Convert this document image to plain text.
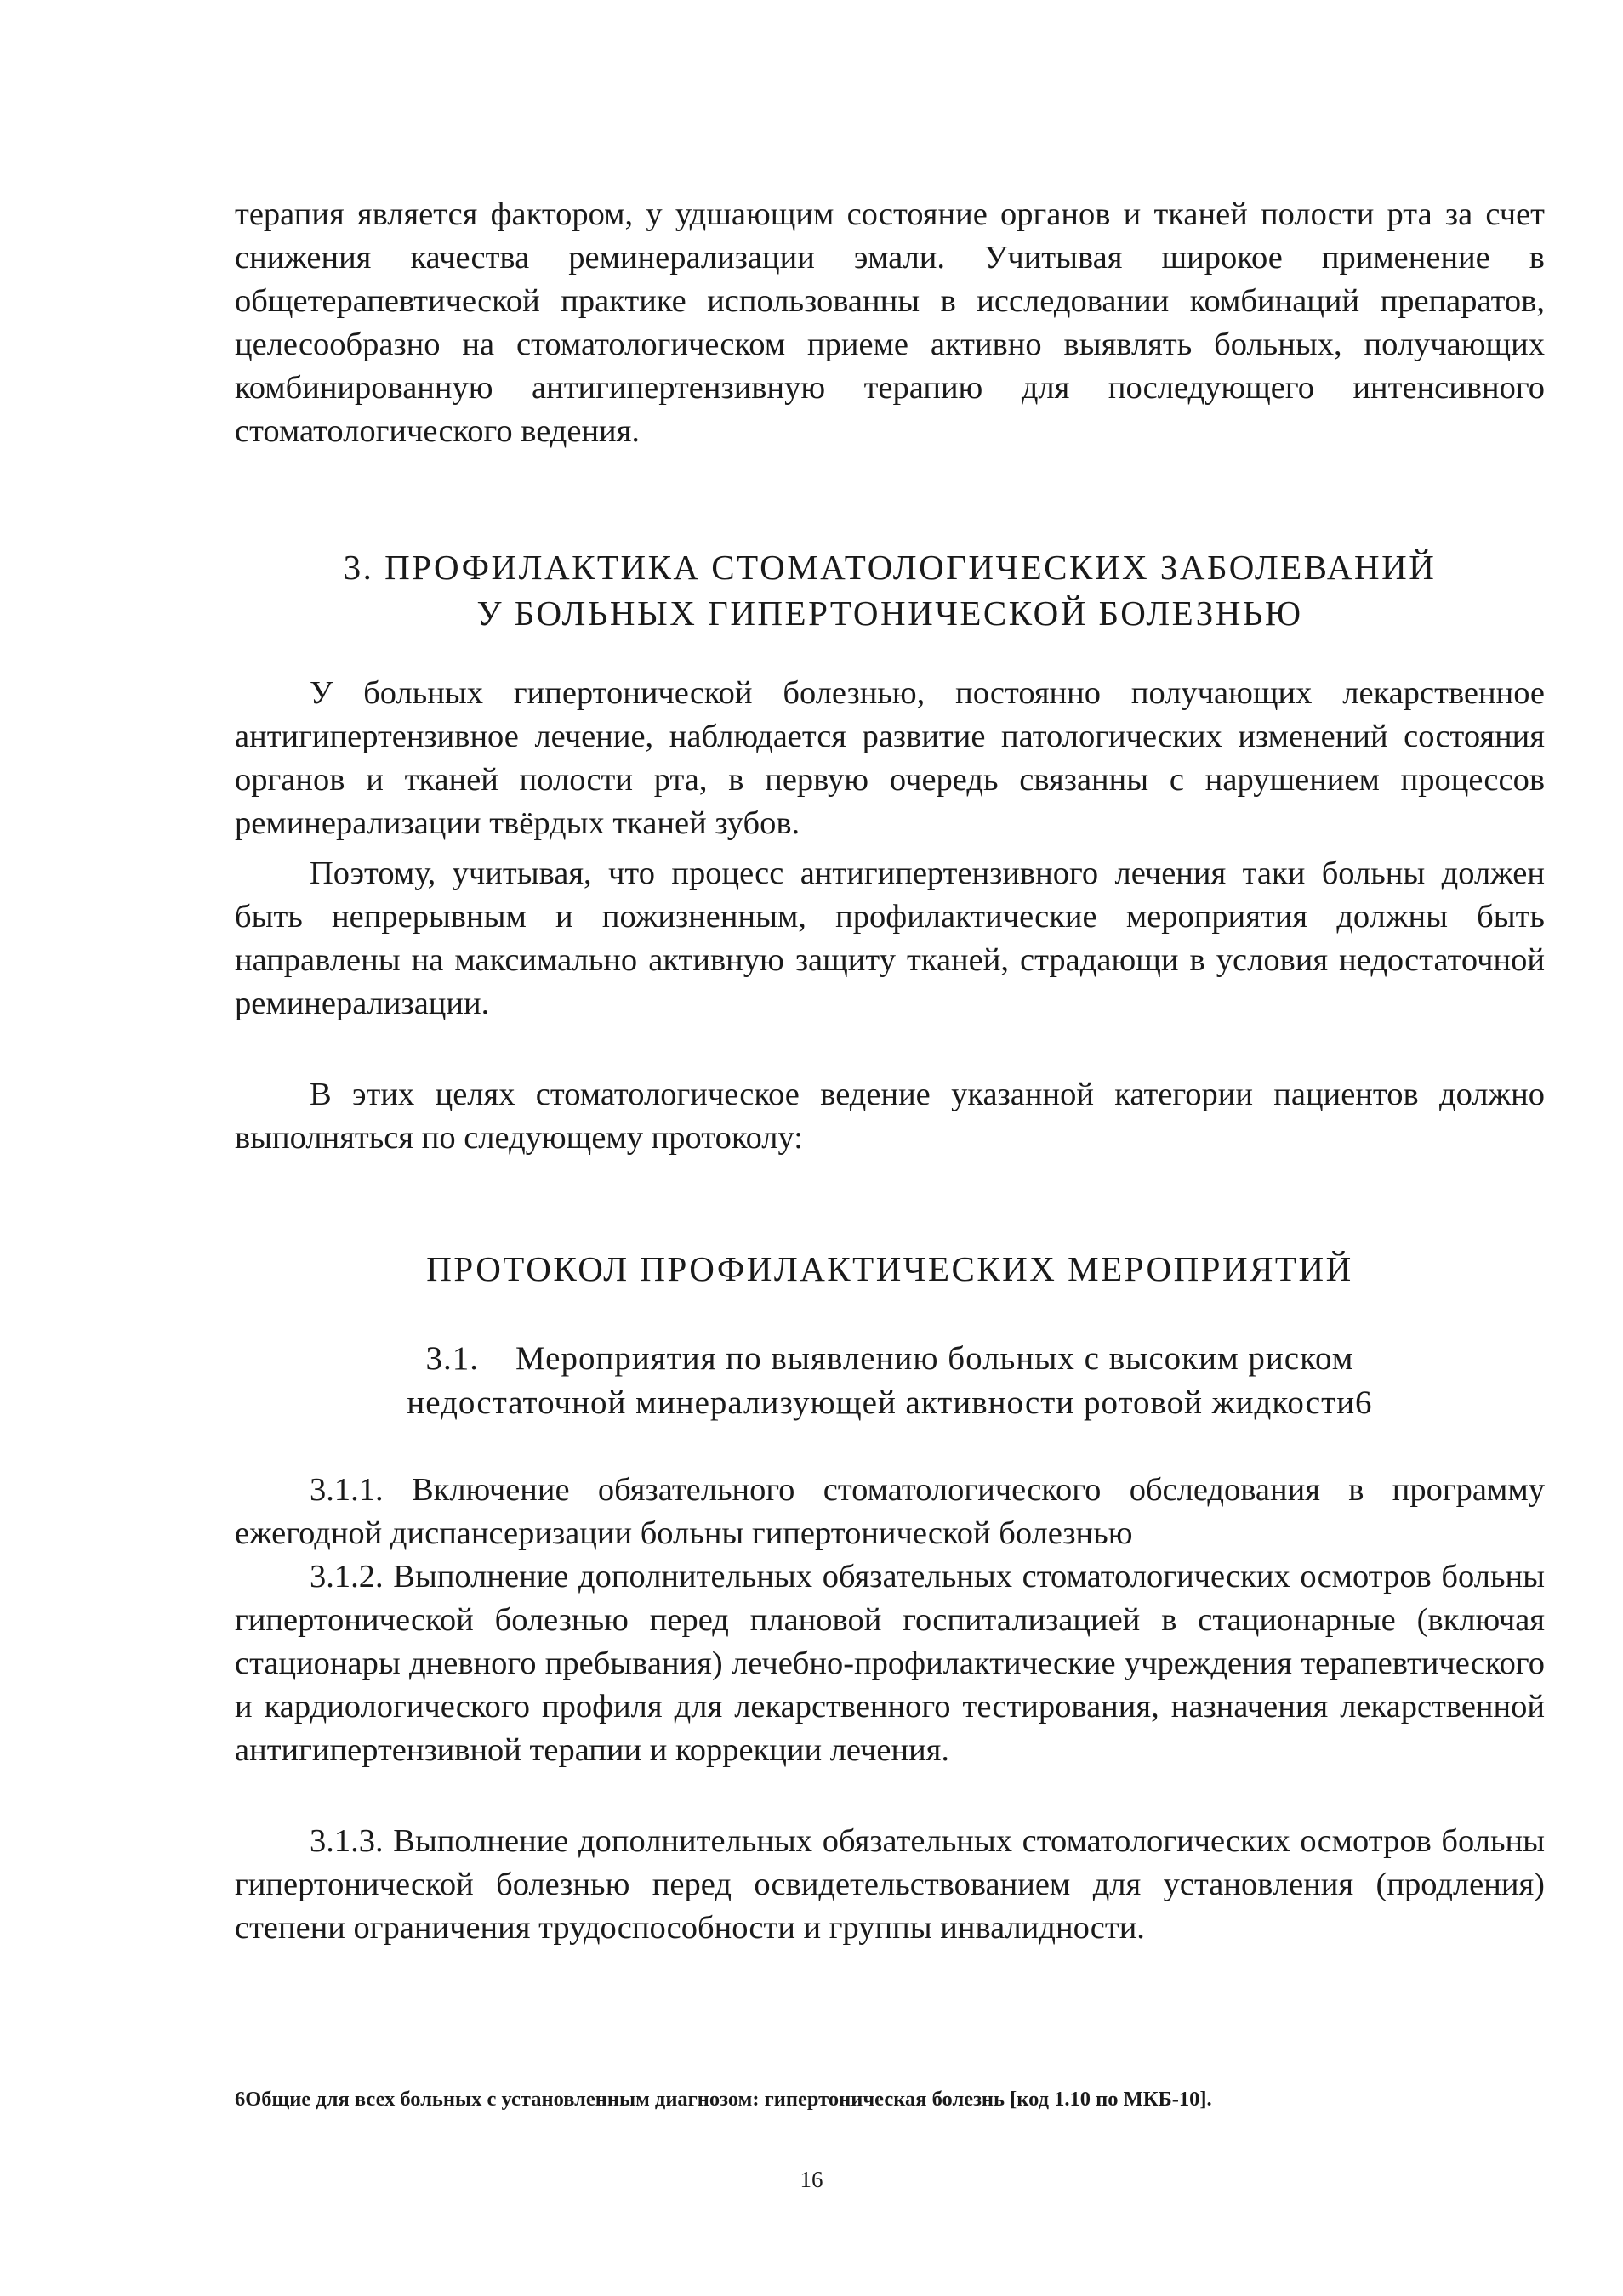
терапия является фактором, у удшающим состояние органов и тканей полости рта за счет снижения качества реминерализации эмали. Учитывая широкое применение в общетерапевтической практике использованны в исследовании комбинаций препаратов, целесообразно на стоматологическом приеме активно выявлять больных, получающих комбинированную антигипертензивную терапию для последующего интенсивного стоматологического ведения.

3. ПРОФИЛАКТИКА СТОМАТОЛОГИЧЕСКИХ ЗАБОЛЕВАНИЙ

У БОЛЬНЫХ ГИПЕРТОНИЧЕСКОЙ БОЛЕЗНЬЮ

У больных гипертонической болезнью, постоянно получающих лекарственное антигипертензивное лечение, наблюдается развитие патологических изменений состояния органов и тканей полости рта, в первую очередь связанны с нарушением процессов реминерализации твёрдых тканей зубов.

Поэтому, учитывая, что процесс антигипертензивного лечения таки больны должен быть непрерывным и пожизненным, профилактические мероприятия должны быть направлены на максимально активную защиту тканей, страдающи в условия недостаточной реминерализации.

В этих целях стоматологическое ведение указанной категории пациентов должно выполняться по следующему протоколу:

ПРОТОКОЛ ПРОФИЛАКТИЧЕСКИХ МЕРОПРИЯТИЙ

3.1.    Мероприятия по выявлению больных с высоким риском

недостаточной минерализующей активности ротовой жидкости6

3.1.1. Включение обязательного стоматологического обследования в программу ежегодной диспансеризации больны гипертонической болезнью

3.1.2. Выполнение дополнительных обязательных стоматологических осмотров больны гипертонической болезнью перед плановой госпитализацией в стационарные (включая стационары дневного пребывания) лечебно-профилактические учреждения терапевтического и кардиологического профиля для лекарственного тестирования, назначения лекарственной антигипертензивной терапии и коррекции лечения.

3.1.3. Выполнение дополнительных обязательных стоматологических осмотров больны гипертонической болезнью перед освидетельствованием для установления (продления) степени ограничения трудоспособности и группы инвалидности.

6Общие для всех больных с установленным диагнозом: гипертоническая болезнь [код 1.10 по МКБ-10].

16
